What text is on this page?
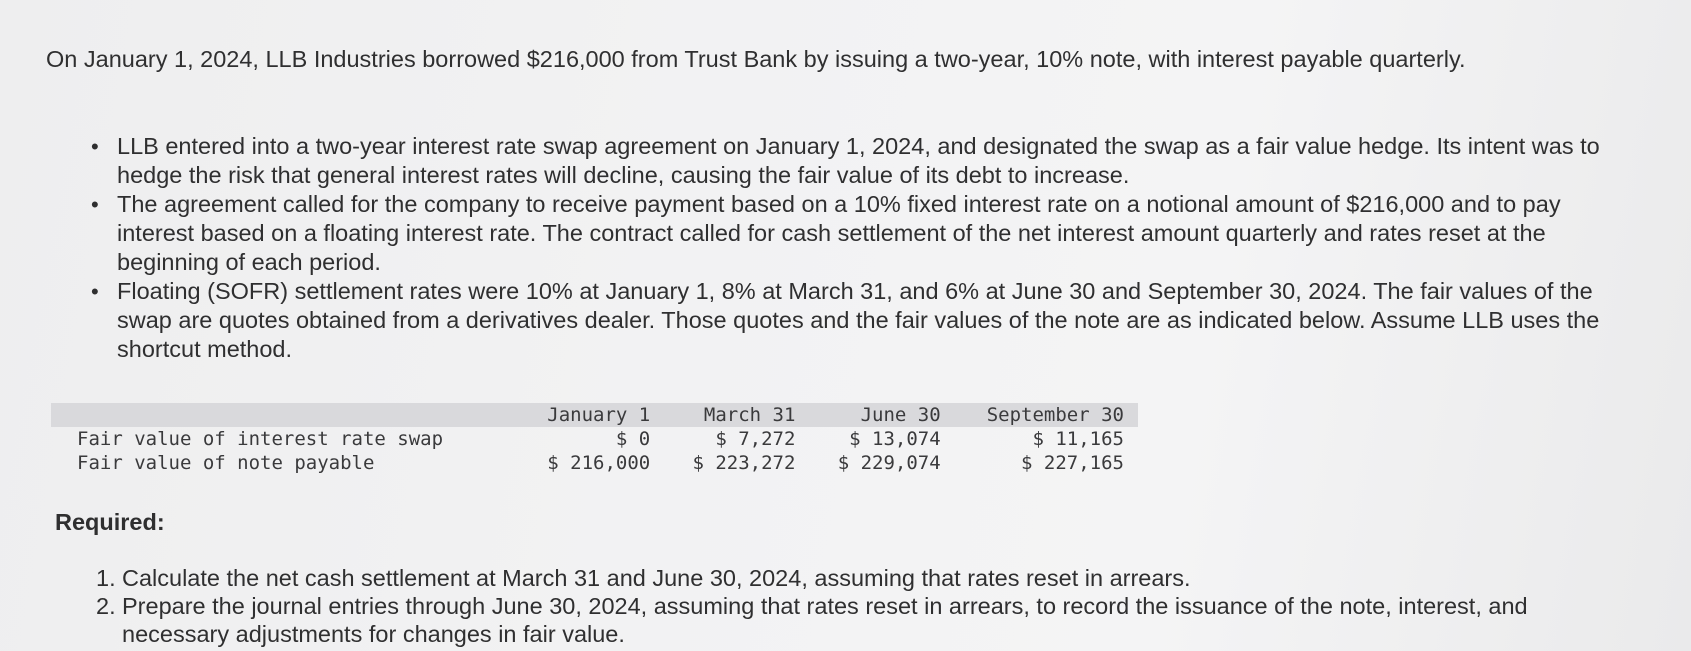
On January 1, 2024, LLB Industries borrowed $216,000 from Trust Bank by issuing a two-year, 10% note, with interest payable quarterly.
• LLB entered into a two-year interest rate swap agreement on January 1, 2024, and designated the swap as a fair value hedge. Its intent was to hedge the risk that general interest rates will decline, causing the fair value of its debt to increase.
• The agreement called for the company to receive payment based on a 10% fixed interest rate on a notional amount of $216,000 and to pay interest based on a floating interest rate. The contract called for cash settlement of the net interest amount quarterly and rates reset at the beginning of each period.
• Floating (SOFR) settlement rates were 10% at January 1, 8% at March 31, and 6% at June 30 and September 30, 2024. The fair values of the swap are quotes obtained from a derivatives dealer. Those quotes and the fair values of the note are as indicated below. Assume LLB uses the shortcut method.
	January 1	March 31	June 30	September 30
Fair value of interest rate swap	$ 0	$ 7,272	$ 13,074	$ 11,165
Fair value of note payable	$ 216,000	$ 223,272	$ 229,074	$ 227,165
Required:
1. Calculate the net cash settlement at March 31 and June 30, 2024, assuming that rates reset in arrears.
2. Prepare the journal entries through June 30, 2024, assuming that rates reset in arrears, to record the issuance of the note, interest, and necessary adjustments for changes in fair value.
